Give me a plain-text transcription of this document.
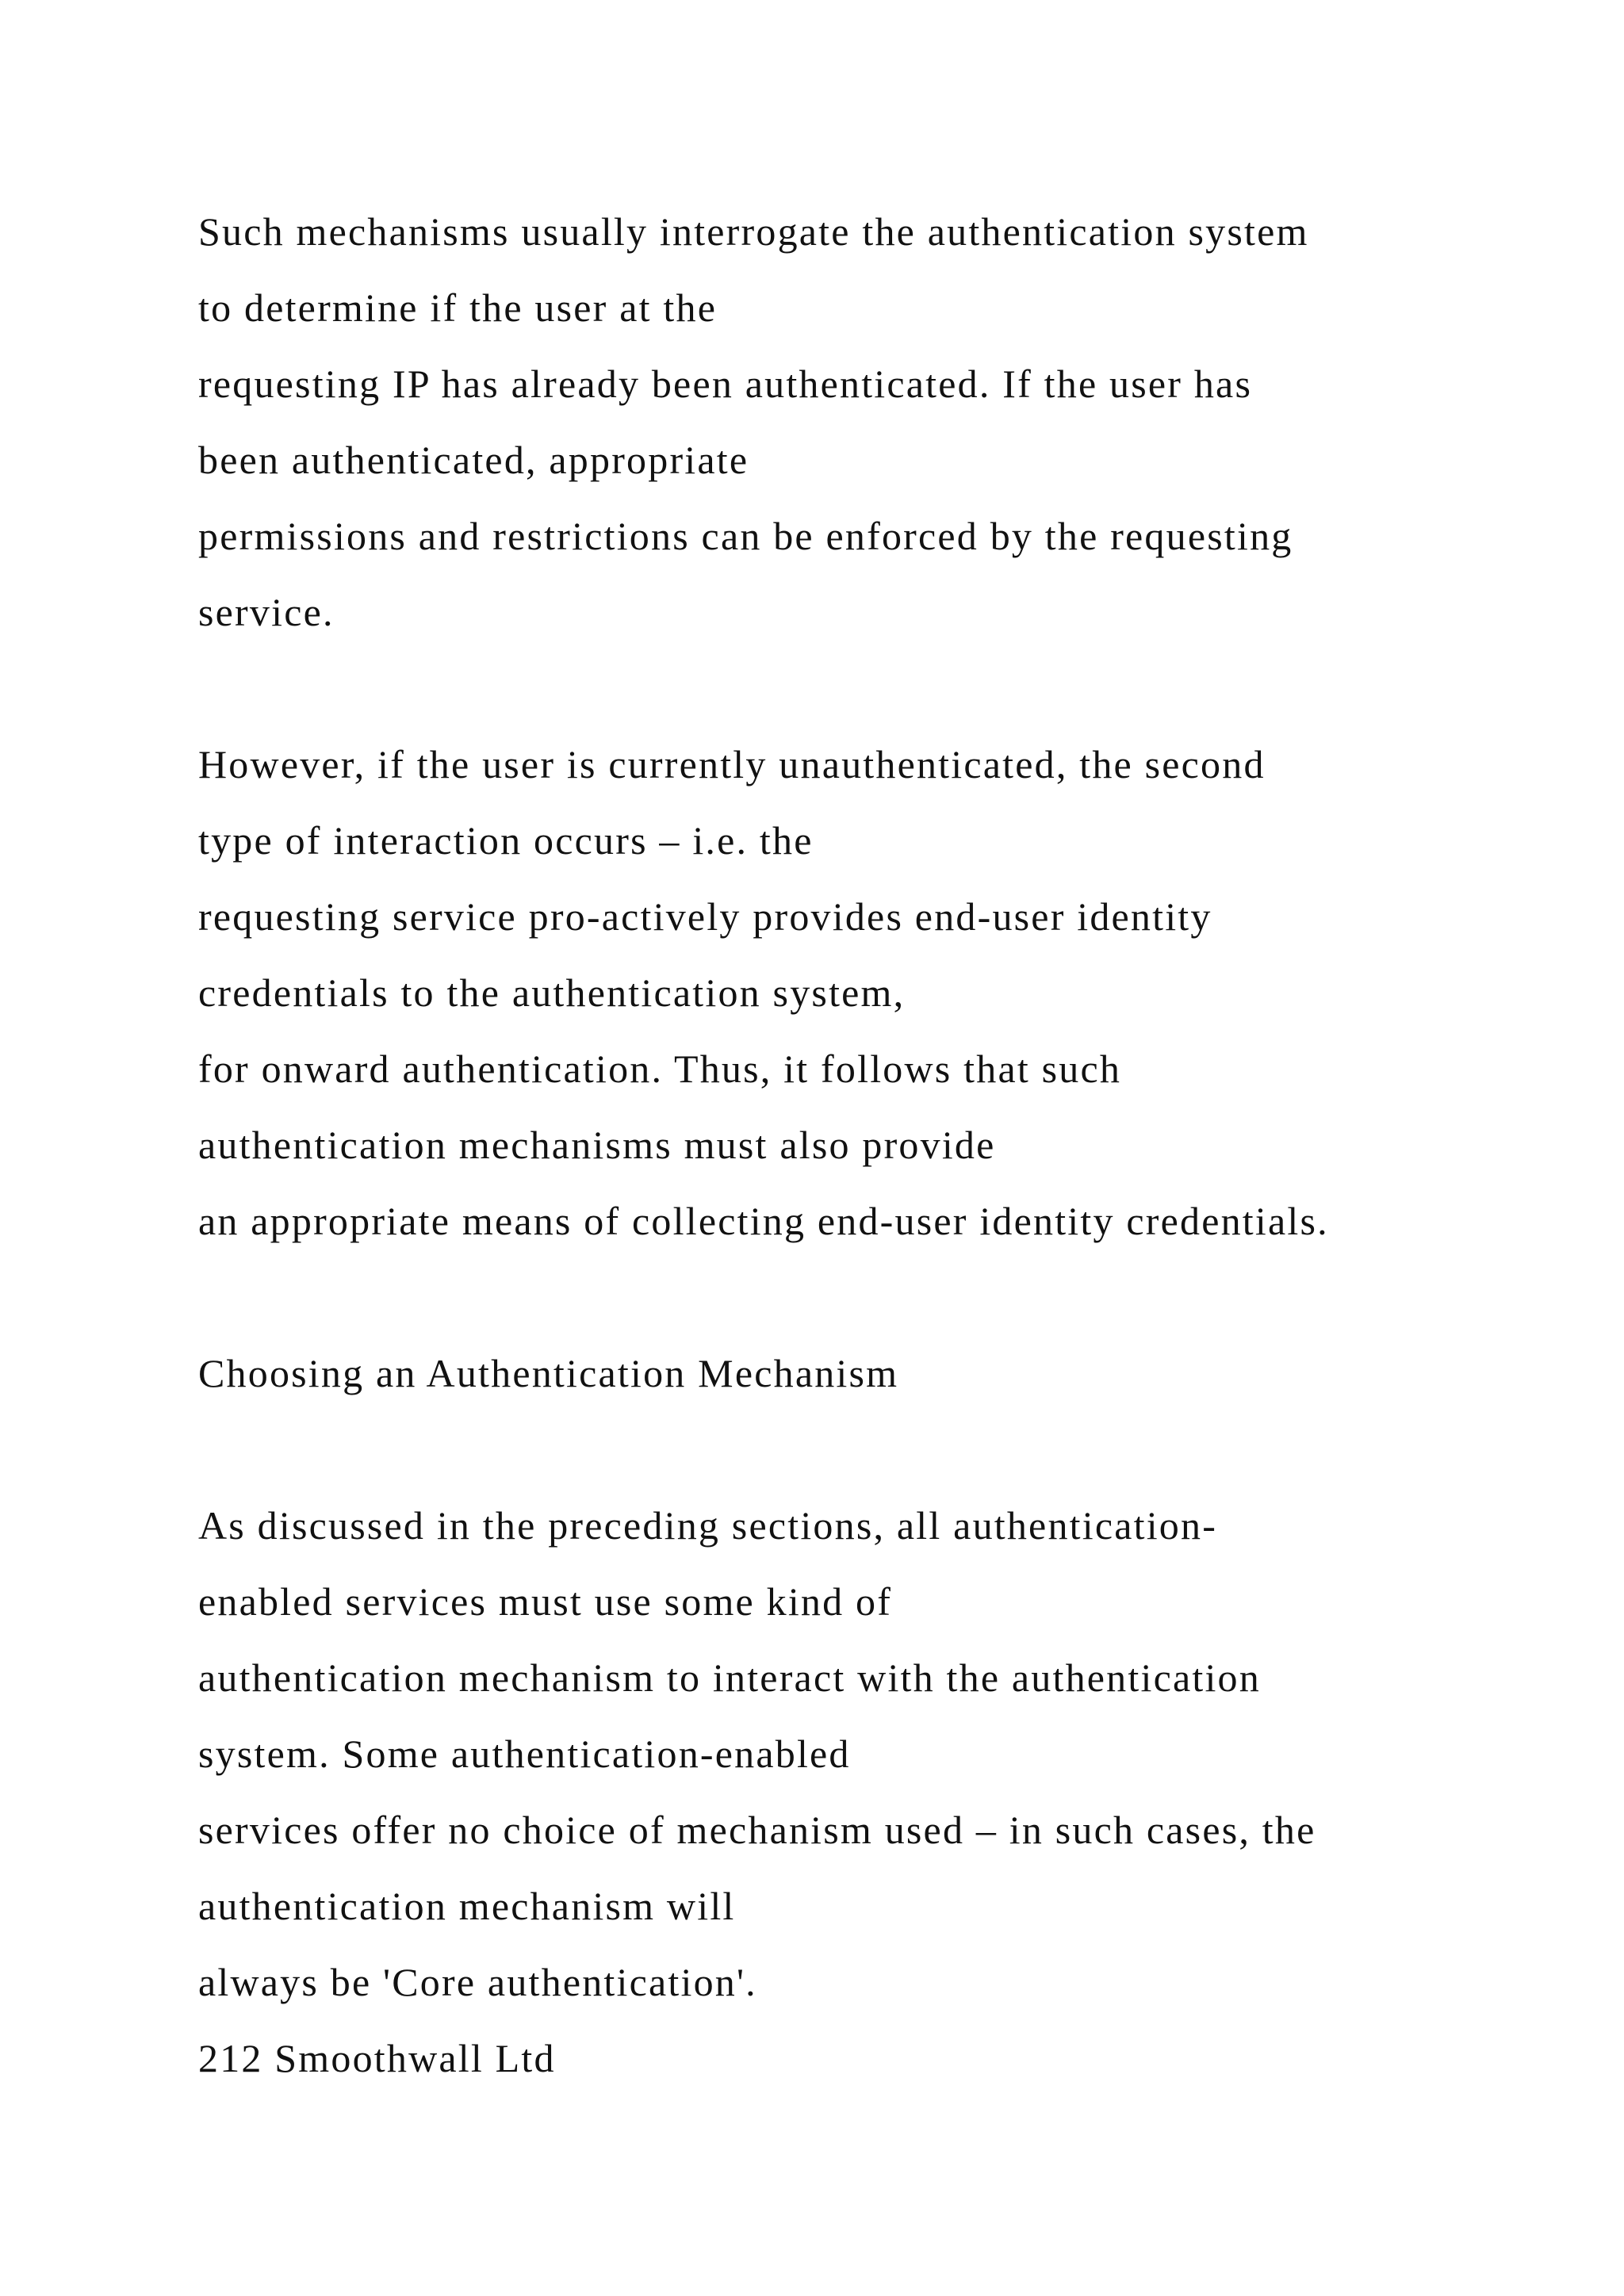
Such mechanisms usually interrogate the authentication system
to determine if the user at the
requesting IP has already been authenticated. If the user has
been authenticated, appropriate
permissions and restrictions can be enforced by the requesting
service.
However, if the user is currently unauthenticated, the second
type of interaction occurs – i.e. the
requesting service pro-actively provides end-user identity
credentials to the authentication system,
for onward authentication. Thus, it follows that such
authentication mechanisms must also provide
an appropriate means of collecting end-user identity credentials.
Choosing an Authentication Mechanism
As discussed in the preceding sections, all authentication-
enabled services must use some kind of
authentication mechanism to interact with the authentication
system. Some authentication-enabled
services offer no choice of mechanism used – in such cases, the
authentication mechanism will
always be 'Core authentication'.
212 Smoothwall Ltd
